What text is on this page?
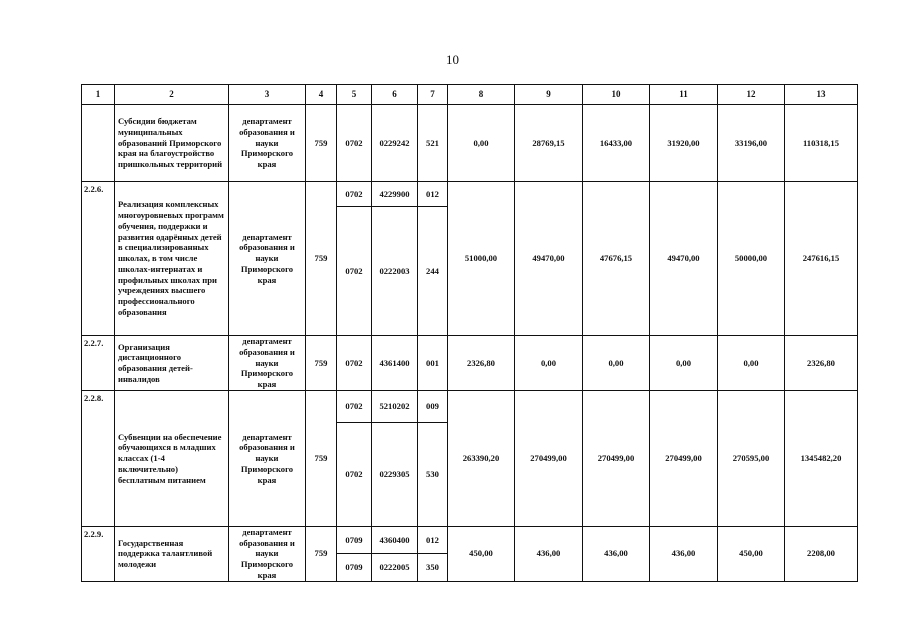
10
1	2	3	4	5	6	7	8	9	10	11	12	13
	Субсидии бюджетам муниципальных образований Приморского края на благоустройство пришкольных территорий	департамент образования и науки Приморского края	759	0702	0229242	521	0,00	28769,15	16433,00	31920,00	33196,00	110318,15
2.2.6.	Реализация комплексных многоуровневых программ обучения, поддержки и развития одарённых детей в специализированных школах, в том числе школах-интернатах и профильных школах при учреждениях высшего профессионального образования	департамент образования и науки Приморского края	759	0702	4229900	012	51000,00	49470,00	47676,15	49470,00	50000,00	247616,15
				0702	0222003	244						
2.2.7.	Организация дистанционного образования детей-инвалидов	департамент образования и науки Приморского края	759	0702	4361400	001	2326,80	0,00	0,00	0,00	0,00	2326,80
2.2.8.	Субвенции на обеспечение обучающихся в младших классах (1-4 включительно) бесплатным питанием	департамент образования и науки Приморского края	759	0702	5210202	009	263390,20	270499,00	270499,00	270499,00	270595,00	1345482,20
				0702	0229305	530						
2.2.9.	Государственная поддержка талантливой молодежи	департамент образования и науки Приморского края	759	0709	4360400	012	450,00	436,00	436,00	436,00	450,00	2208,00
				0709	0222005	350						
